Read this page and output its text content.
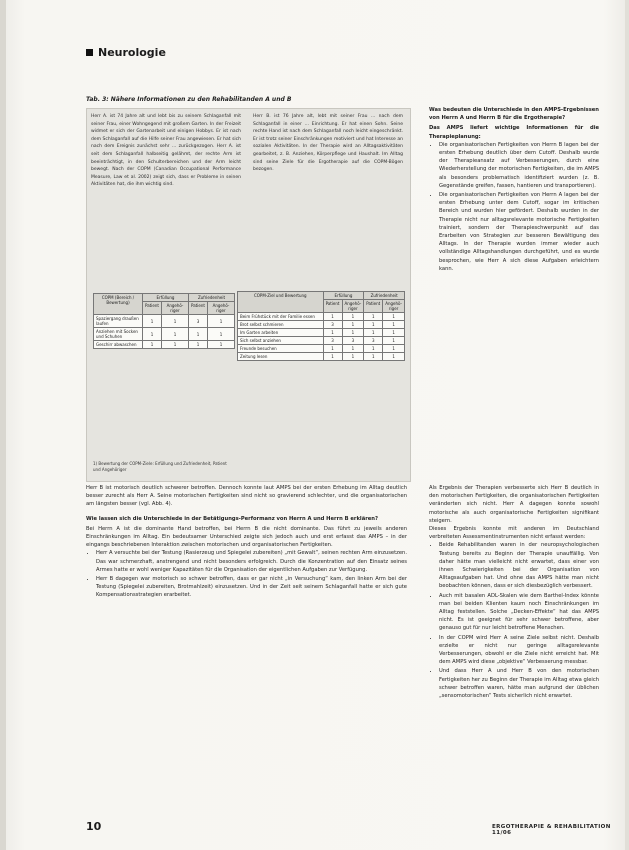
Neurologie
Tab. 3: Nähere Informationen zu den Rehabilitanden A und B
Herr A. ist 74 Jahre alt und lebt bis zu seinem Schlaganfall mit seiner Frau, einer Wohngegend mit großem Garten. In der Freizeit widmet er sich der Gartenarbeit und einigen Hobbys. Er ist nach dem Schlaganfall auf die Hilfe seiner Frau angewiesen. Er hat sich nach dem Ereignis zunächst sehr ... zurückgezogen. Herr A. ist seit dem Schlaganfall halbseitig gelähmt, der rechte Arm ist beeinträchtigt, in den Schulterbereichen und der Arm leicht bewegt. Nach der COPM (Canadian Occupational Performance Measure, Law et al. 2002) zeigt sich, dass er Probleme in seinen Aktivitäten hat, die ihm wichtig sind.
Herr B. ist 76 Jahre alt, lebt mit seiner Frau ... nach dem Schlaganfall in einer ... Einrichtung. Er hat einen Sohn. Seine rechte Hand ist nach dem Schlaganfall noch leicht eingeschränkt. Er ist trotz seiner Einschränkungen motiviert und hat Interesse an sozialen Aktivitäten. In der Therapie wird an Alltagsaktivitäten gearbeitet, z. B. Anziehen, Körperpflege und Haushalt. Im Alltag sind seine Ziele für die Ergotherapie auf die COPM-Bögen bezogen.
COPM (Bereich / Bewertung)	Erfüllung		Zufriedenheit	
	Patient	Angehö-riger	Patient	Angehö-riger
Spaziergang draußen laufen	1	1	3	1
Anziehen mit Socken und Schuhen	1	1	1	1
Geschirr abwaschen	1	1	1	1
COPM-Ziel und Bewertung	Erfüllung		Zufriedenheit	
	Patient	Angehö-riger	Patient	Angehö-riger
Beim Frühstück mit der Familie essen	1	1	1	1
Brot selbst schmieren	3	1	1	1
Im Garten arbeiten	1	1	1	1
Sich selbst anziehen	3	3	3	1
Freunde besuchen	1	1	1	1
Zeitung lesen	1	1	1	1
1) Bewertung der COPM-Ziele: Erfüllung und Zufriedenheit, Patient und Angehöriger

Was bedeuten die Unterschiede in den AMPS-Ergebnissen von Herrn A und Herrn B für die Ergotherapie?

Das AMPS liefert wichtige Informationen für die Therapieplanung:

• Die organisatorischen Fertigkeiten von Herrn B lagen bei der ersten Erhebung deutlich über dem Cutoff. Deshalb wurde der Therapieansatz auf Verbesserungen, durch eine Wiederherstellung der motorischen Fertigkeiten, die im AMPS als besonders problematisch identifiziert wurden (z. B. Gegenstände greifen, fassen, hantieren und transportieren).
• Die organisatorischen Fertigkeiten von Herrn A lagen bei der ersten Erhebung unter dem Cutoff, sogar im kritischen Bereich und wurden hier gefördert. Deshalb wurden in der Therapie nicht nur alltagsrelevante motorische Fertigkeiten trainiert, sondern der Therapieschwerpunkt auf das Erarbeiten von Strategien zur besseren Bewältigung des Alltags. In der Therapie wurden immer wieder auch vollständige Alltagshandlungen durchgeführt, und es wurde besprochen, wie Herr A sich diese Aufgaben erleichtern kann.

Als Ergebnis der Therapien verbesserte sich Herr B deutlich in den motorischen Fertigkeiten, die organisatorischen Fertigkeiten veränderten sich nicht. Herr A dagegen konnte sowohl motorische als auch organisatorische Fertigkeiten signifikant steigern.

Dieses Ergebnis konnte mit anderen im Deutschland verbreiteten Assessmentinstrumenten nicht erfasst werden:

• Beide Rehabilitanden waren in der neuropsychologischen Testung bereits zu Beginn der Therapie unauffällig. Von daher hätte man vielleicht nicht erwartet, dass einer von ihnen Schwierigkeiten bei der Organisation von Alltagsaufgaben hat. Und ohne das AMPS hätte man nicht beobachten können, dass er sich diesbezüglich verbessert.
• Auch mit basalen ADL-Skalen wie dem Barthel-Index könnte man bei beiden Klienten kaum noch Einschränkungen im Alltag feststellen. Solche „Decken-Effekte“ hat das AMPS nicht. Es ist geeignet für sehr schwer betroffene, aber genauso gut für nur leicht betroffene Menschen.
• In der COPM wird Herr A seine Ziele selbst nicht. Deshalb erzielte er nicht nur geringe alltagsrelevante Verbesserungen, obwohl er die Ziele nicht erreicht hat. Mit dem AMPS wird diese „objektive“ Verbesserung messbar.
• Und dass Herr A und Herr B von den motorischen Fertigkeiten her zu Beginn der Therapie im Alltag etwa gleich schwer betroffen waren, hätte man aufgrund der üblichen „sensomotorischen“ Tests sicherlich nicht erwartet.

Herr B ist motorisch deutlich schwerer betroffen. Dennoch konnte laut AMPS bei der ersten Erhebung im Alltag deutlich besser zurecht als Herr A. Seine motorischen Fertigkeiten sind nicht so gravierend schlechter, und die organisatorischen am längsten besser (vgl. Abb. 4).

Wie lassen sich die Unterschiede in der Betätigungs-Performanz von Herrn A und Herrn B erklären?

Bei Herrn A ist die dominante Hand betroffen, bei Herrn B die nicht dominante. Das führt zu jeweils anderen Einschränkungen im Alltag. Ein bedeutsamer Unterschied zeigte sich jedoch auch und erst erfasst das AMPS – in der eingangs beschriebenen Interaktion zwischen motorischen und organisatorischen Fertigkeiten.

• Herr A versuchte bei der Testung (Rasierzeug und Spiegelei zubereiten) „mit Gewalt“, seinen rechten Arm einzusetzen. Das war schmerzhaft, anstrengend und nicht besonders erfolgreich. Durch die Konzentration auf den Einsatz seines Armes hatte er wohl weniger Kapazitäten für die Organisation der eigentlichen Aufgaben zur Verfügung.
• Herr B dagegen war motorisch so schwer betroffen, dass er gar nicht „in Versuchung“ kam, den linken Arm bei der Testung (Spiegelei zubereiten, Brotmahlzeit) einzusetzen. Und in der Zeit seit seinem Schlaganfall hatte er sich gute Kompensationsstrategien erarbeitet.
10	ERGOTHERAPIE & REHABILITATION 11/06
